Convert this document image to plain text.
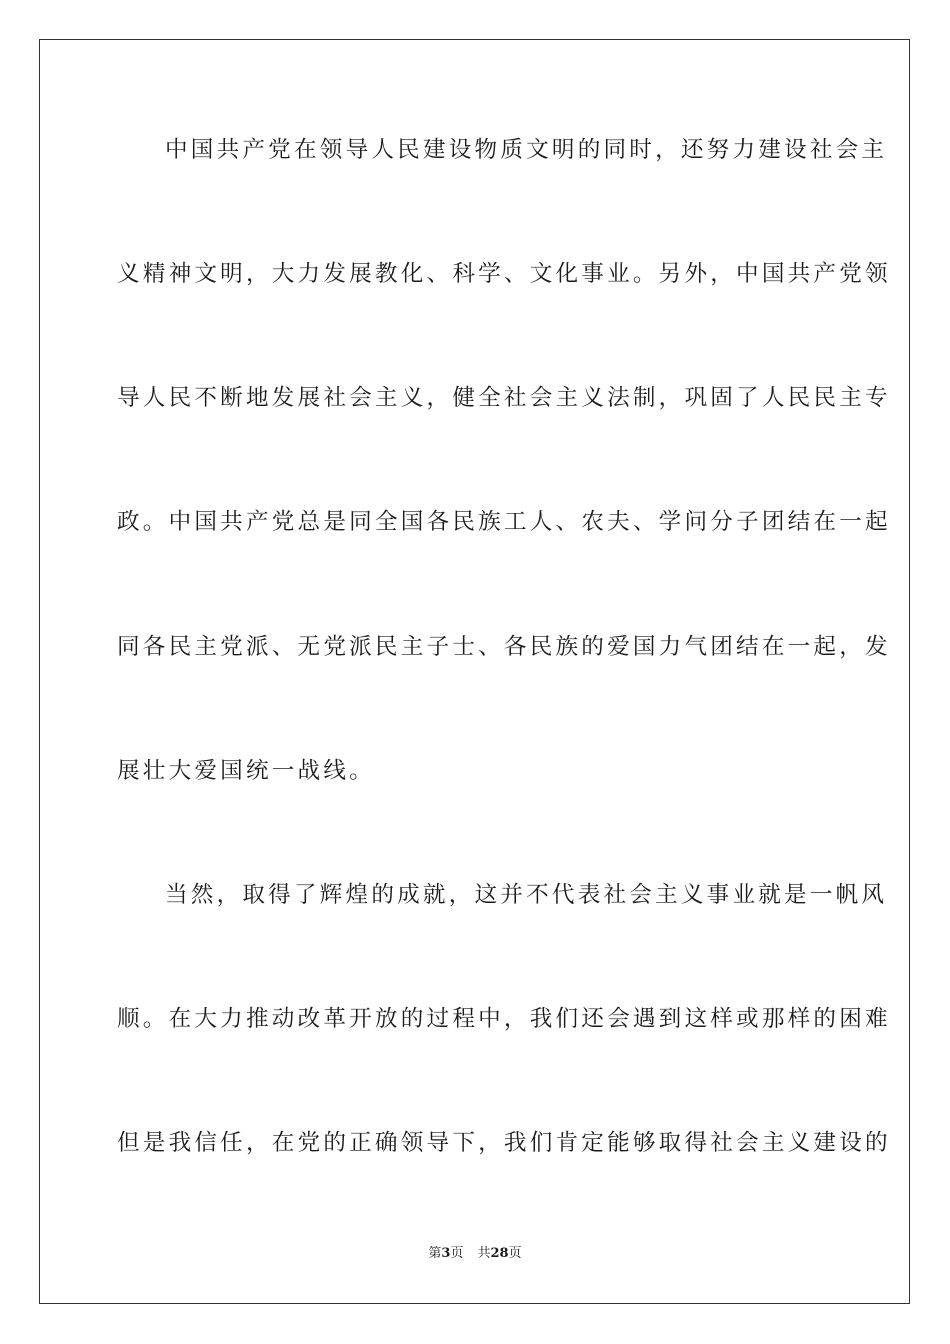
中国共产党在领导人民建设物质文明的同时，还努力建设社会主
义精神文明，大力发展教化、科学、文化事业。另外，中国共产党领
导人民不断地发展社会主义，健全社会主义法制，巩固了人民民主专
政。中国共产党总是同全国各民族工人、农夫、学问分子团结在一起
同各民主党派、无党派民主子士、各民族的爱国力气团结在一起，发
展壮大爱国统一战线。
当然，取得了辉煌的成就，这并不代表社会主义事业就是一帆风
顺。在大力推动改革开放的过程中，我们还会遇到这样或那样的困难
但是我信任，在党的正确领导下，我们肯定能够取得社会主义建设的
第3页 共28页
